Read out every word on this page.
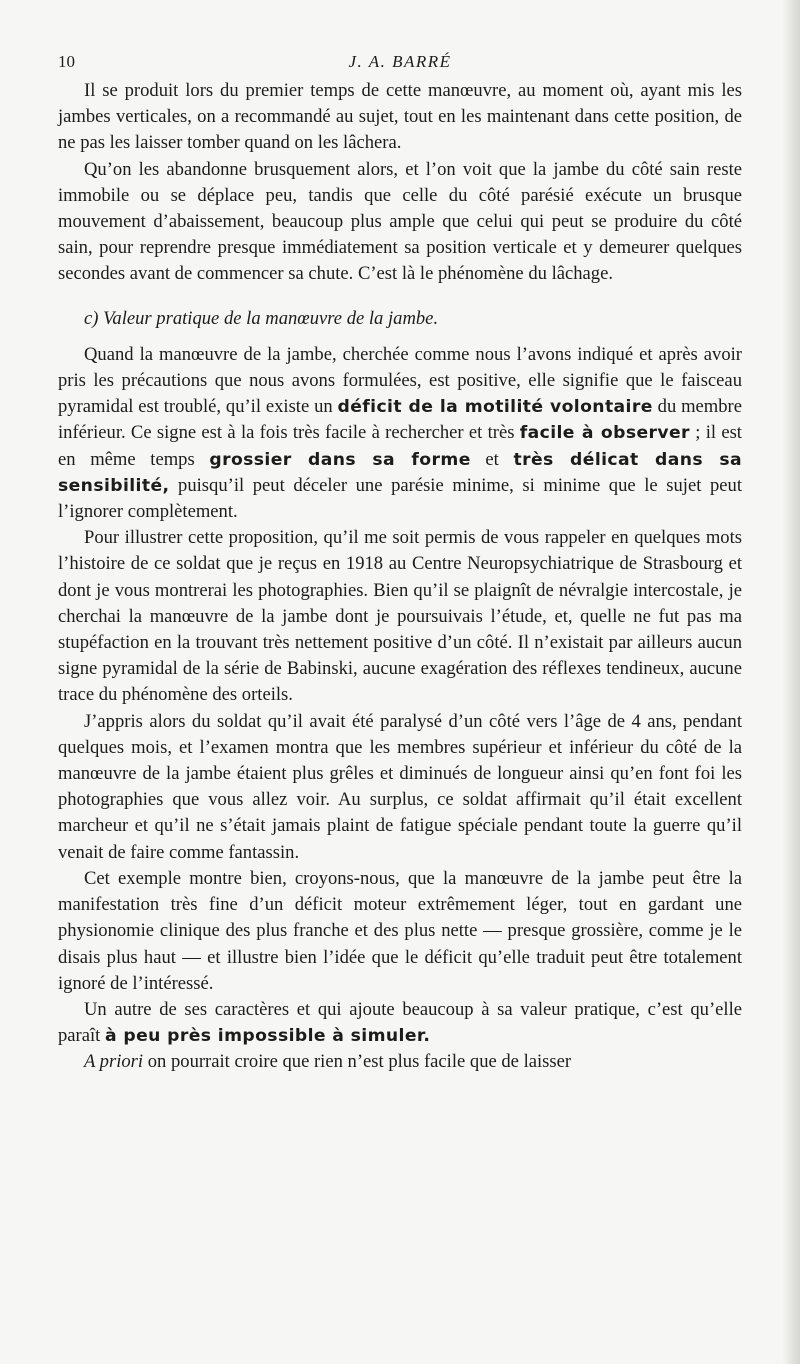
10	J. A. BARRÉ

Il se produit lors du premier temps de cette manœuvre, au moment où, ayant mis les jambes verticales, on a recommandé au sujet, tout en les maintenant dans cette position, de ne pas les laisser tomber quand on les lâchera.

Qu’on les abandonne brusquement alors, et l’on voit que la jambe du côté sain reste immobile ou se déplace peu, tandis que celle du côté parésié exécute un brusque mouvement d’abaissement, beaucoup plus ample que celui qui peut se produire du côté sain, pour reprendre presque immédiatement sa position verticale et y demeurer quelques secondes avant de commencer sa chute. C’est là le phénomène du lâchage.

c) Valeur pratique de la manœuvre de la jambe.

Quand la manœuvre de la jambe, cherchée comme nous l’avons indiqué et après avoir pris les précautions que nous avons formulées, est positive, elle signifie que le faisceau pyramidal est troublé, qu’il existe un déficit de la motilité volontaire du membre inférieur. Ce signe est à la fois très facile à rechercher et très facile à observer ; il est en même temps grossier dans sa forme et très délicat dans sa sensibilité, puisqu’il peut déceler une parésie minime, si minime que le sujet peut l’ignorer complètement.

Pour illustrer cette proposition, qu’il me soit permis de vous rappeler en quelques mots l’histoire de ce soldat que je reçus en 1918 au Centre Neuropsychiatrique de Strasbourg et dont je vous montrerai les photographies. Bien qu’il se plaignît de névralgie intercostale, je cherchai la manœuvre de la jambe dont je poursuivais l’étude, et, quelle ne fut pas ma stupéfaction en la trouvant très nettement positive d’un côté. Il n’existait par ailleurs aucun signe pyramidal de la série de Babinski, aucune exagération des réflexes tendineux, aucune trace du phénomène des orteils.

J’appris alors du soldat qu’il avait été paralysé d’un côté vers l’âge de 4 ans, pendant quelques mois, et l’examen montra que les membres supérieur et inférieur du côté de la manœuvre de la jambe étaient plus grêles et diminués de longueur ainsi qu’en font foi les photographies que vous allez voir. Au surplus, ce soldat affirmait qu’il était excellent marcheur et qu’il ne s’était jamais plaint de fatigue spéciale pendant toute la guerre qu’il venait de faire comme fantassin.

Cet exemple montre bien, croyons-nous, que la manœuvre de la jambe peut être la manifestation très fine d’un déficit moteur extrêmement léger, tout en gardant une physionomie clinique des plus franche et des plus nette — presque grossière, comme je le disais plus haut — et illustre bien l’idée que le déficit qu’elle traduit peut être totalement ignoré de l’intéressé.

Un autre de ses caractères et qui ajoute beaucoup à sa valeur pratique, c’est qu’elle paraît à peu près impossible à simuler.

A priori on pourrait croire que rien n’est plus facile que de laisser
